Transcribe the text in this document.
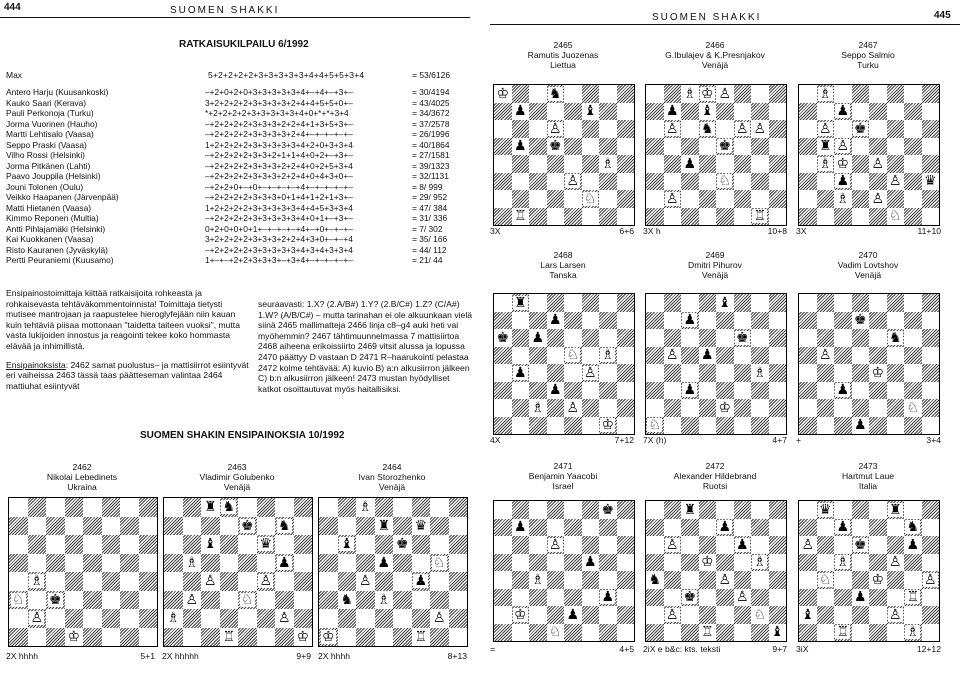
444	SUOMEN SHAKKI
SUOMEN SHAKKI	445
RATKAISUKILPAILU 6/1992
Max	5+2+2+2+2+3+3+3+3+3+4+4+5+5+3+4	= 53/6126
Antero Harju (Kuusankoski)	–+2+0+2+0+3+3+3+3+3+4+–+4+–+3+–	= 30/4194
Kauko Saari (Kerava)	3+2+2+2+2+3+3+3+3+2+4+4+5+5+0+–	= 43/4025
Pauli Perkonoja (Turku)	*+2+2+2+2+3+3+3+3+3+4+0+*+*+3+4	= 34/3672
Jorma Vuorinen (Hauho)	–+2+2+2+2+3+3+3+2+2+4+1+3+5+3+–	= 37/2578
Martti Lehtisalo (Vaasa)	–+2+2+2+2+3+3+3+3+2+4+–+–+–+–+–	= 26/1996
Seppo Praski (Vaasa)	1+2+2+2+2+3+3+3+3+3+4+2+0+3+3+4	= 40/1864
Vilho Rossi (Helsinki)	–+2+2+2+2+3+3+2+1+1+4+0+2+–+3+–	= 27/1581
Jorma Pitkänen (Lahti)	–+2+2+2+2+3+3+3+2+2+4+0+2+5+3+4	= 39/1323
Paavo Jouppila (Helsinki)	–+2+2+2+2+3+3+3+2+2+4+0+4+3+0+–	= 32/1131
Jouni Tolonen (Oulu)	–+2+2+0+–+0+–+–+–+–+4+–+–+–+–+–	= 8/ 999
Veikko Haapanen (Järvenpää)	–+2+2+2+2+3+3+3+0+1+4+1+2+1+3+–	= 29/ 952
Matti Hietanen (Vaasa)	1+2+2+2+2+3+3+3+3+3+4+4+5+3+3+4	= 47/ 384
Kimmo Reponen (Multia)	–+2+2+2+2+3+3+3+3+3+4+0+1+–+3+–	= 31/ 336
Antti Pihlajamäki (Helsinki)	0+2+0+0+0+1+–+–+–+–+4+–+0+–+–+–	= 7/ 302
Kai Kuokkanen (Vaasa)	3+2+2+2+2+3+3+3+2+2+4+3+0+–+–+4	= 35/ 166
Risto Kauranen (Jyväskylä)	–+2+2+2+2+3+3+3+3+3+4+3+4+3+3+4	= 44/ 112
Pertti Peuraniemi (Kuusamo)	1+–+–+2+2+3+3+3+–+3+4+–+–+–+–+–	= 21/ 44

Ensipainostoimittaja kiittää ratkaisijoita rohkeasta ja rohkaisevasta tehtäväkommentoinnista! Toimittaja tietysti mutisee mantrojaan ja raapustelee hieroglyfejään niin kauan kuin tehtäviä piisaa mottonaan "taidetta taiteen vuoksi", mutta vasta lukijoiden innostus ja reagointi tekee koko hommasta elävää ja inhimillistä.

Ensipainoksista: 2462 samat puolustus– ja mattisiirrot esiintyvät eri vaiheissa 2463 tässä taas päätteseman valintaa 2464 mattiuhat esiintyvät

seuraavasti: 1.X? (2.A/B#) 1.Y? (2.B/C#) 1.Z? (C/A#) 1.W? (A/B/C#) – mutta tarinahan ei ole alkuunkaan vielä siinä 2465 mallimatteja 2466 linja c8–g4 auki heti vai myöhemmin? 2467 tähtimuunnelmassa 7 mattisiirtoa 2468 aiheena erikoissiirto 2469 vitsit alussa ja lopussa 2470 päättyy D vastaan D 2471 R–haarukointi pelastaa 2472 kolme tehtävää: A) kuvio B) a:n alkusiirron jälkeen C) b:n alkusiirron jälkeen! 2473 mustan hyödylliset katkot osoittautuvat myös haitallisiksi.

SUOMEN SHAKIN ENSIPAINOKSIA 10/1992
2462
Nikolai Lebedinets
Ukraina
♗
♘ ♚
♙
♔
2X hhhh	5+1
2463
Vladimir Golubenko
Venäjä
♜ ♞
♚ ♞
♝	♛
♗	♟
♙	♙
♙	♘
♗	♙
♖	♔
2X hhhhh	9+9
2464
Ivan Storozhenko
Venäjä
♗
♜ ♛
♝	♚
♟	♘
♙	♟
♞ ♗
♙
♔	♖
2X hhhh	8+13
2465
Ramutis Juozenas
Liettua
♔	♞
♟	♝
♙
♟ ♚
♗
♙
♘
♖
3X	6+6
2466
G.Ibulajev & K.Presnjakov
Venäjä
♗ ♔ ♙
♟ ♝
♙ ♞ ♙ ♙
♚
♟
♘
♙
♖
3X h	10+8
2467
Seppo Salmio
Turku
♗
♟
♙ ♚
♜ ♙
♗ ♔ ♙
♟	♙ ♛
♗ ♙
♘
3X	11+10
2468
Lars Larsen
Tanska
♜
♟
♚ ♟
♘ ♗
♟	♙
♟
♗ ♙
♔
4X	7+12
2469
Dmitri Pihurov
Venäjä
♝
♟
♚
♙ ♟
♗
♟
♔
♘
7X (h)	4+7
2470
Vadim Lovtshov
Venäjä
♚
♞
♙
♔
♟
♘
♟
+	3+4
2471
Benjamin Yaacobi
Israel
♚
♟
♙
♟
♗
♟
♔	♟
♘
=	4+5
2472
Alexander Hildebrand
Ruotsi
♜
♟
♙	♟
♔	♗
♞	♙
♚	♙
♙	♘
♖	♝
2iX e b&c: kts. teksti	9+7
2473
Hartmut Laue
Italia
♛	♜
♟	♞
♙	♚	♟
♗	♙
♘	♔	♙
♟	♖
♝	♙
♖	♗
3iX	12+12
